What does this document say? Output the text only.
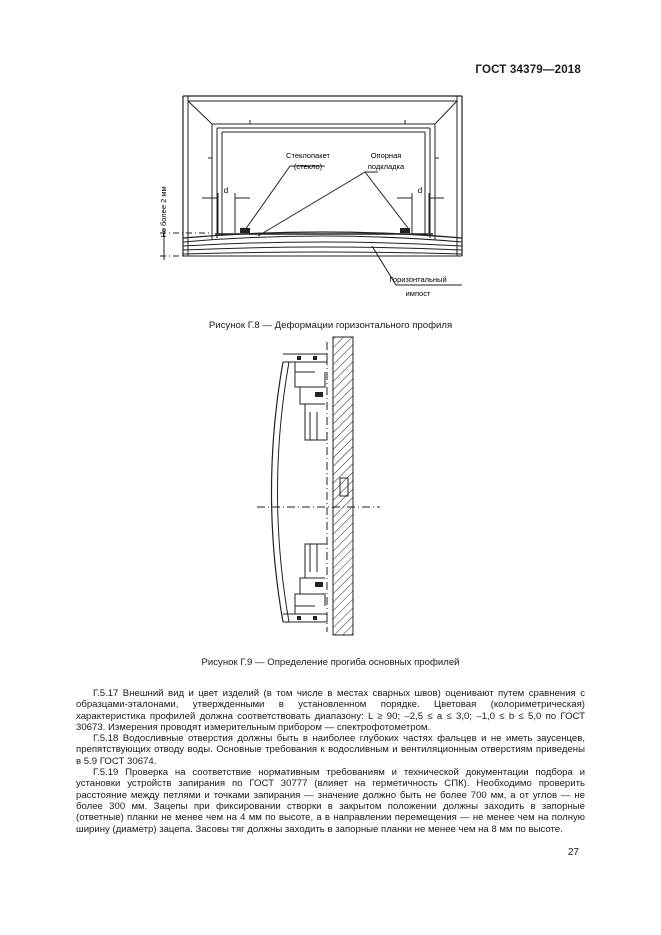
ГОСТ 34379—2018
Стеклопакет
(стекло)
Опорная
подкладка
d	d
Не более 2 мм
Горизонтальный
импост
Рисунок Г.8 — Деформации горизонтального профиля
Рисунок Г.9 — Определение прогиба основных профилей

Г.5.17 Внешний вид и цвет изделий (в том числе в местах сварных швов) оценивают путем сравнения с образцами-эталонами, утвержденными в установленном порядке. Цветовая (колориметрическая) характеристика профилей должна соответствовать диапазону: L ≥ 90; –2,5 ≤ a ≤ 3,0; –1,0 ≤ b ≤ 5,0 по ГОСТ 30673. Измерения проводят измерительным прибором — спектрофотометром.

Г.5.18 Водосливные отверстия должны быть в наиболее глубоких частях фальцев и не иметь заусенцев, препятствующих отводу воды. Основные требования к водосливным и вентиляционным отверстиям приведены в 5.9 ГОСТ 30674.

Г.5.19 Проверка на соответствие нормативным требованиям и технической документации подбора и установки устройств запирания по ГОСТ 30777 (влияет на герметичность СПК). Необходимо проверить расстояние между петлями и точками запирания — значение должно быть не более 700 мм, а от углов — не более 300 мм. Зацепы при фиксировании створки в закрытом положении должны заходить в запорные (ответные) планки не менее чем на 4 мм по высоте, а в направлении перемещения — не менее чем на полную ширину (диаметр) зацепа. Засовы тяг должны заходить в запорные планки не менее чем на 8 мм по высоте.

27
